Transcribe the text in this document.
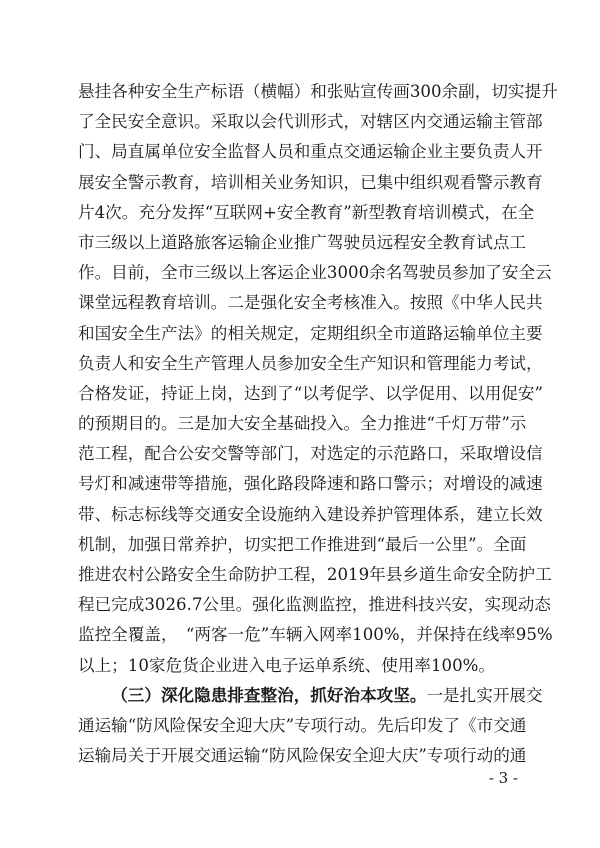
悬挂各种安全生产标语（横幅）和张贴宣传画300余副，切实提升
了全民安全意识。采取以会代训形式，对辖区内交通运输主管部
门、局直属单位安全监督人员和重点交通运输企业主要负责人开
展安全警示教育，培训相关业务知识，已集中组织观看警示教育
片4次。充分发挥“互联网+安全教育”新型教育培训模式，在全
市三级以上道路旅客运输企业推广驾驶员远程安全教育试点工
作。目前，全市三级以上客运企业3000余名驾驶员参加了安全云
课堂远程教育培训。二是强化安全考核准入。按照《中华人民共
和国安全生产法》的相关规定，定期组织全市道路运输单位主要
负责人和安全生产管理人员参加安全生产知识和管理能力考试，
合格发证，持证上岗，达到了“以考促学、以学促用、以用促安”
的预期目的。三是加大安全基础投入。全力推进“千灯万带”示
范工程，配合公安交警等部门，对选定的示范路口，采取增设信
号灯和减速带等措施，强化路段降速和路口警示；对增设的减速
带、标志标线等交通安全设施纳入建设养护管理体系，建立长效
机制，加强日常养护，切实把工作推进到“最后一公里”。全面
推进农村公路安全生命防护工程，2019年县乡道生命安全防护工
程已完成3026.7公里。强化监测监控，推进科技兴安，实现动态
监控全覆盖，　“两客一危”车辆入网率100%，并保持在线率95%
以上；10家危货企业进入电子运单系统、使用率100%。
（三）深化隐患排查整治，抓好治本攻坚。一是扎实开展交
通运输“防风险保安全迎大庆”专项行动。先后印发了《市交通
运输局关于开展交通运输“防风险保安全迎大庆”专项行动的通
- 3 -
